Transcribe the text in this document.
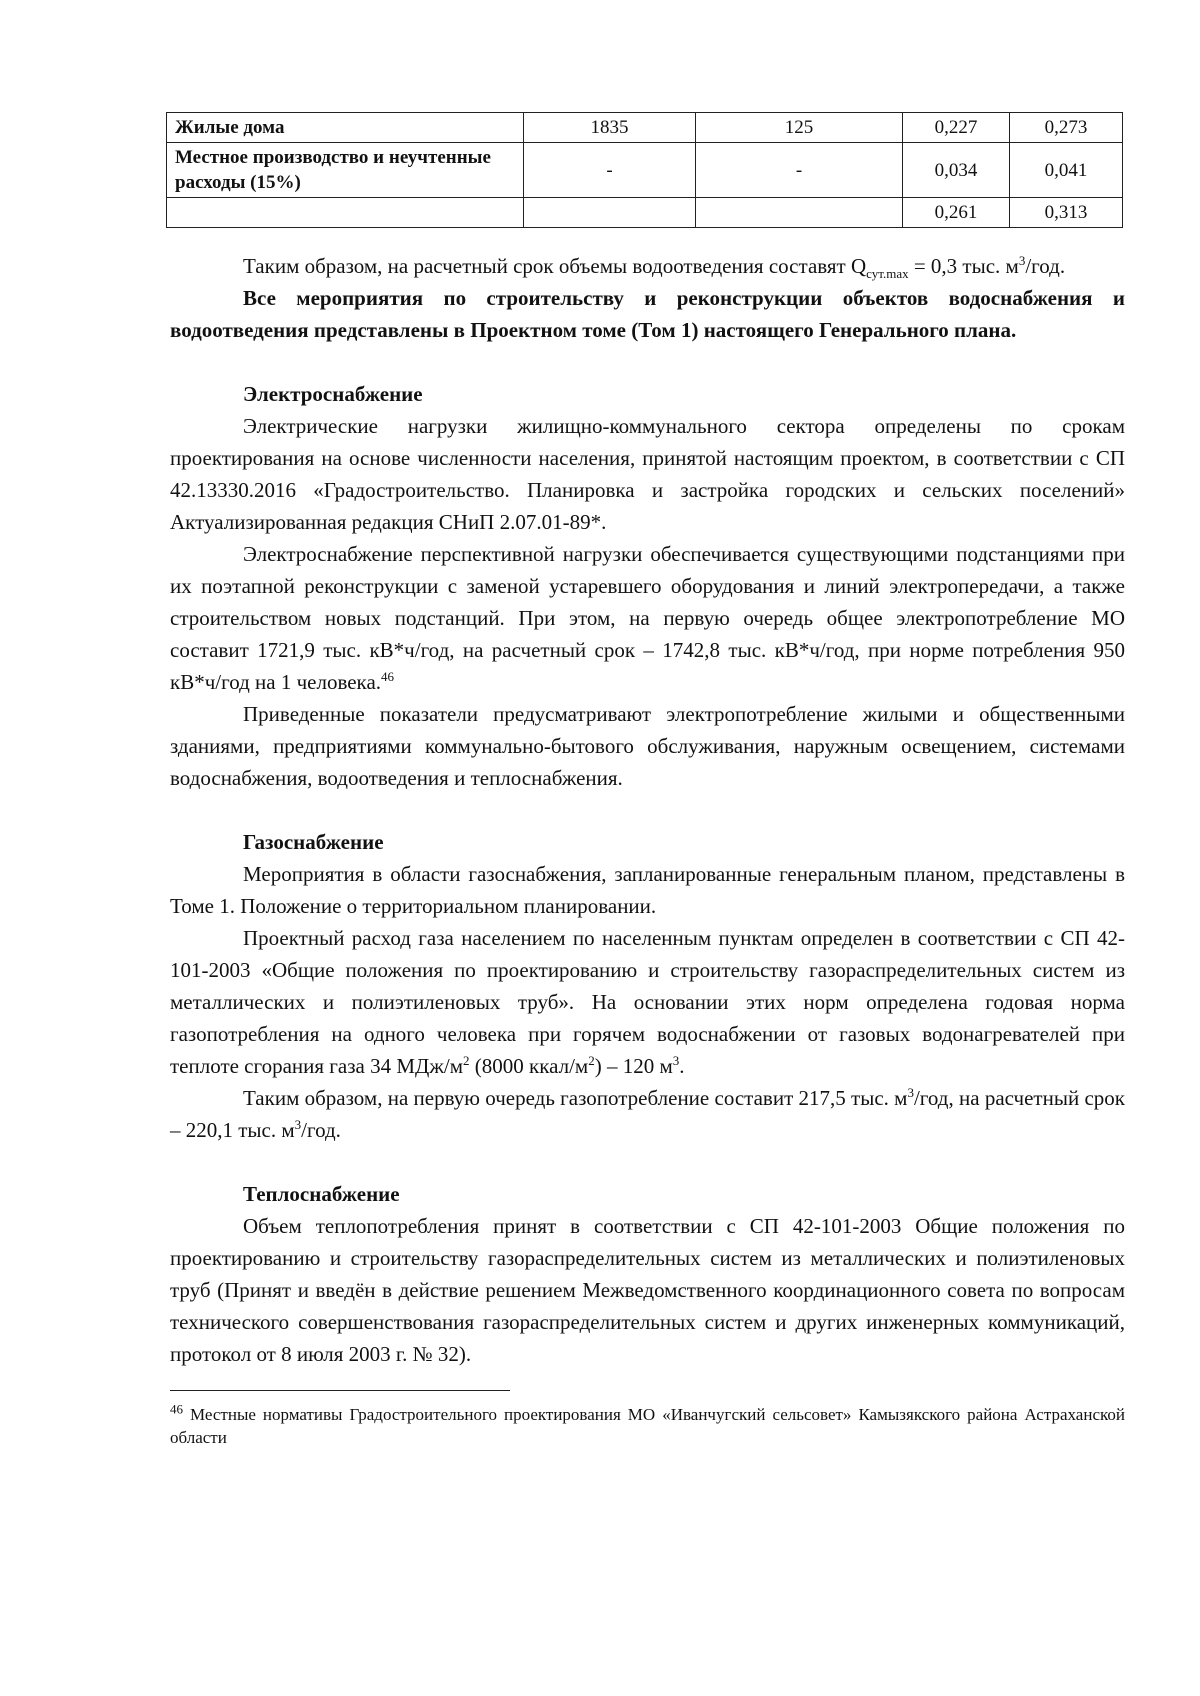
Жилые дома	1835	125	0,227	0,273
Местное производство и неучтенные расходы (15%)	-	-	0,034	0,041
			0,261	0,313

Таким образом, на расчетный срок объемы водоотведения составят $Q_{сут.max} = 0,3$ тыс. $м^3$/год.

Все мероприятия по строительству и реконструкции объектов водоснабжения и водоотведения представлены в Проектном томе (Том 1) настоящего Генерального плана.

Электроснабжение

Электрические нагрузки жилищно-коммунального сектора определены по срокам проектирования на основе численности населения, принятой настоящим проектом, в соответствии с СП 42.13330.2016 «Градостроительство. Планировка и застройка городских и сельских поселений» Актуализированная редакция СНиП 2.07.01-89*.

Электроснабжение перспективной нагрузки обеспечивается существующими подстанциями при их поэтапной реконструкции с заменой устаревшего оборудования и линий электропередачи, а также строительством новых подстанций. При этом, на первую очередь общее электропотребление МО составит 1721,9 тыс. кВ*ч/год, на расчетный срок – 1742,8 тыс. кВ*ч/год, при норме потребления 950 кВ*ч/год на 1 человека.$^{46}$

Приведенные показатели предусматривают электропотребление жилыми и общественными зданиями, предприятиями коммунально-бытового обслуживания, наружным освещением, системами водоснабжения, водоотведения и теплоснабжения.

Газоснабжение

Мероприятия в области газоснабжения, запланированные генеральным планом, представлены в Томе 1. Положение о территориальном планировании.

Проектный расход газа населением по населенным пунктам определен в соответствии с СП 42-101-2003 «Общие положения по проектированию и строительству газораспределительных систем из металлических и полиэтиленовых труб». На основании этих норм определена годовая норма газопотребления на одного человека при горячем водоснабжении от газовых водонагревателей при теплоте сгорания газа 34 МДж/$м^2$ (8000 ккал/$м^2) - 120$ $м^3$.

Таким образом, на первую очередь газопотребление составит 217,5 тыс. $м^3$/год, на расчетный срок – 220,1 тыс. $м^3$/год.

Теплоснабжение

Объем теплопотребления принят в соответствии с СП 42-101-2003 Общие положения по проектированию и строительству газораспределительных систем из металлических и полиэтиленовых труб (Принят и введён в действие решением Межведомственного координационного совета по вопросам технического совершенствования газораспределительных систем и других инженерных коммуникаций, протокол от 8 июля 2003 г. № 32).

$^{46}$ Местные нормативы Градостроительного проектирования МО «Иванчугский сельсовет» Камызякского района Астраханской области
